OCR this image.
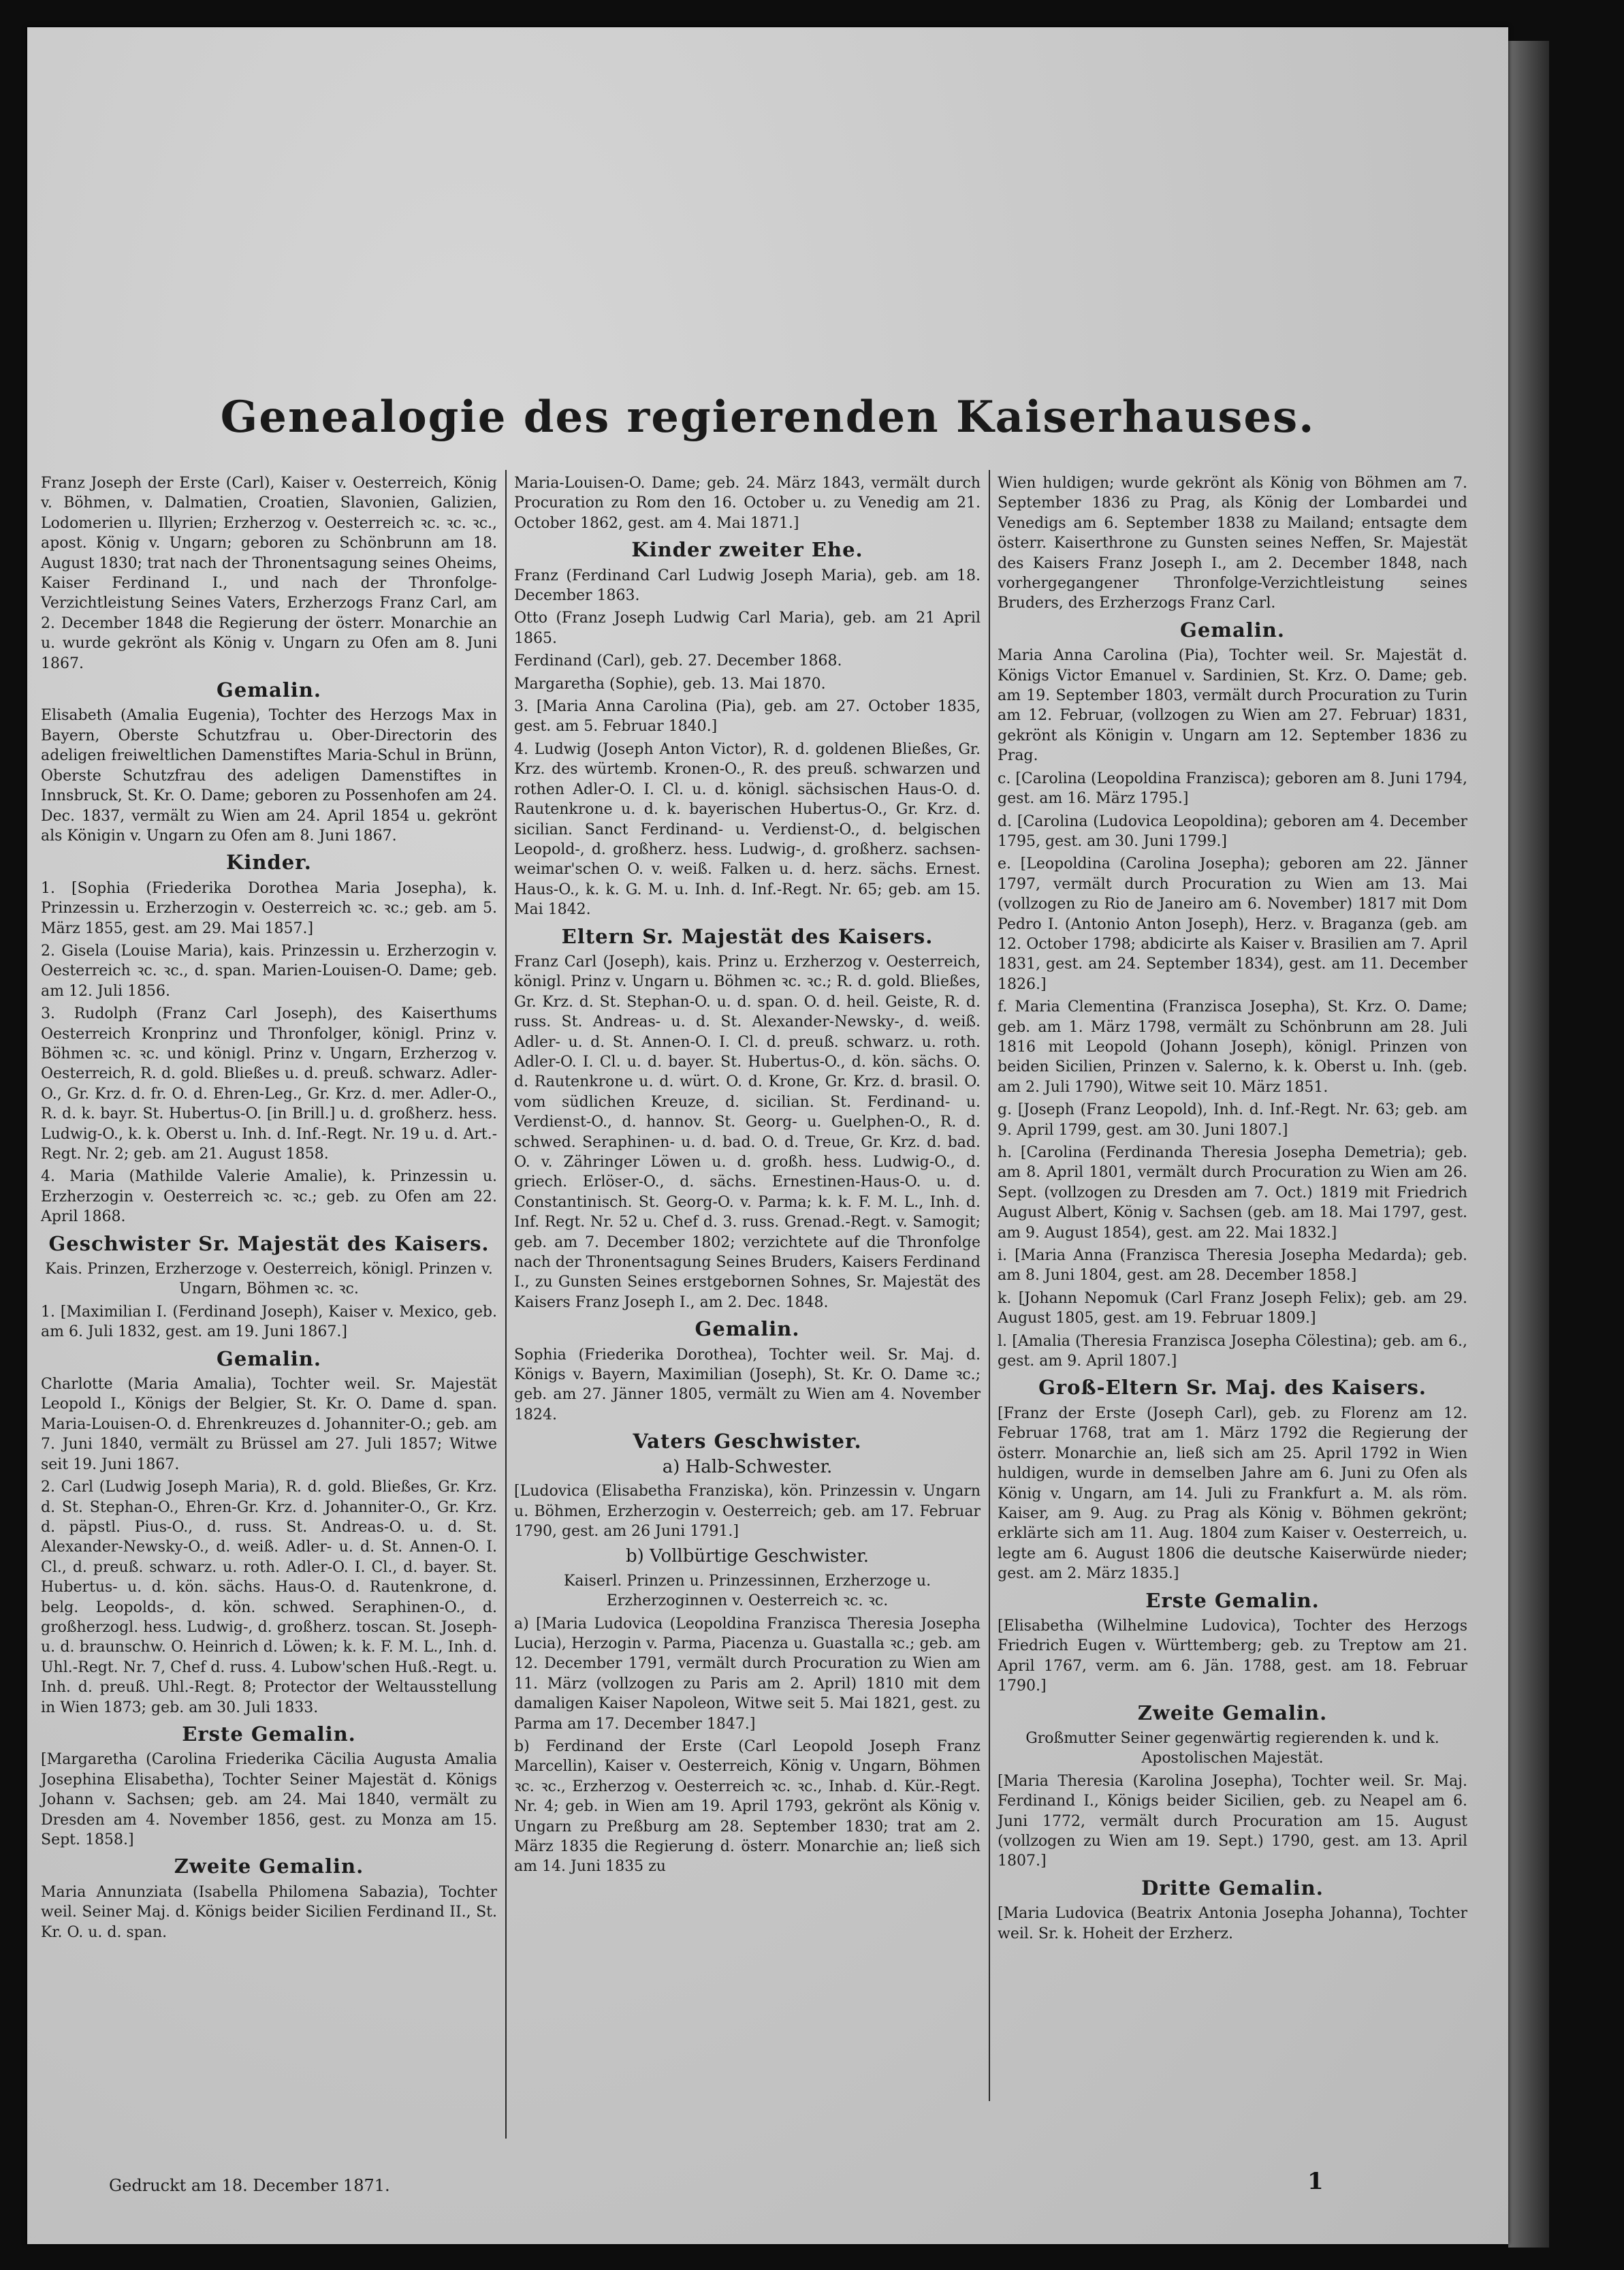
Genealogie des regierenden Kaiserhauses.

Franz Joseph der Erste (Carl), Kaiser v. Oesterreich, König v. Böhmen, v. Dalmatien, Croatien, Slavonien, Galizien, Lodomerien u. Illyrien; Erzherzog v. Oesterreich ꝛc. ꝛc. ꝛc., apost. König v. Ungarn; geboren zu Schönbrunn am 18. August 1830; trat nach der Thronentsagung seines Oheims, Kaiser Ferdinand I., und nach der Thronfolge-Verzichtleistung Seines Vaters, Erzherzogs Franz Carl, am 2. December 1848 die Regierung der österr. Monarchie an u. wurde gekrönt als König v. Ungarn zu Ofen am 8. Juni 1867.

Gemalin.

Elisabeth (Amalia Eugenia), Tochter des Herzogs Max in Bayern, Oberste Schutzfrau u. Ober-Directorin des adeligen freiweltlichen Damenstiftes Maria-Schul in Brünn, Oberste Schutzfrau des adeligen Damenstiftes in Innsbruck, St. Kr. O. Dame; geboren zu Possenhofen am 24. Dec. 1837, vermält zu Wien am 24. April 1854 u. gekrönt als Königin v. Ungarn zu Ofen am 8. Juni 1867.

Kinder.

1. [Sophia (Friederika Dorothea Maria Josepha), k. Prinzessin u. Erzherzogin v. Oesterreich ꝛc. ꝛc.; geb. am 5. März 1855, gest. am 29. Mai 1857.]

2. Gisela (Louise Maria), kais. Prinzessin u. Erzherzogin v. Oesterreich ꝛc. ꝛc., d. span. Marien-Louisen-O. Dame; geb. am 12. Juli 1856.

3. Rudolph (Franz Carl Joseph), des Kaiserthums Oesterreich Kronprinz und Thronfolger, königl. Prinz v. Böhmen ꝛc. ꝛc. und königl. Prinz v. Ungarn, Erzherzog v. Oesterreich, R. d. gold. Bließes u. d. preuß. schwarz. Adler-O., Gr. Krz. d. fr. O. d. Ehren-Leg., Gr. Krz. d. mer. Adler-O., R. d. k. bayr. St. Hubertus-O. [in Brill.] u. d. großherz. hess. Ludwig-O., k. k. Oberst u. Inh. d. Inf.-Regt. Nr. 19 u. d. Art.-Regt. Nr. 2; geb. am 21. August 1858.

4. Maria (Mathilde Valerie Amalie), k. Prinzessin u. Erzherzogin v. Oesterreich ꝛc. ꝛc.; geb. zu Ofen am 22. April 1868.

Geschwister Sr. Majestät des Kaisers.

Kais. Prinzen, Erzherzoge v. Oesterreich, königl. Prinzen v. Ungarn, Böhmen ꝛc. ꝛc.

1. [Maximilian I. (Ferdinand Joseph), Kaiser v. Mexico, geb. am 6. Juli 1832, gest. am 19. Juni 1867.]

Gemalin.

Charlotte (Maria Amalia), Tochter weil. Sr. Majestät Leopold I., Königs der Belgier, St. Kr. O. Dame d. span. Maria-Louisen-O. d. Ehrenkreuzes d. Johanniter-O.; geb. am 7. Juni 1840, vermält zu Brüssel am 27. Juli 1857; Witwe seit 19. Juni 1867.

2. Carl (Ludwig Joseph Maria), R. d. gold. Bließes, Gr. Krz. d. St. Stephan-O., Ehren-Gr. Krz. d. Johanniter-O., Gr. Krz. d. päpstl. Pius-O., d. russ. St. Andreas-O. u. d. St. Alexander-Newsky-O., d. weiß. Adler- u. d. St. Annen-O. I. Cl., d. preuß. schwarz. u. roth. Adler-O. I. Cl., d. bayer. St. Hubertus- u. d. kön. sächs. Haus-O. d. Rautenkrone, d. belg. Leopolds-, d. kön. schwed. Seraphinen-O., d. großherzogl. hess. Ludwig-, d. großherz. toscan. St. Joseph- u. d. braunschw. O. Heinrich d. Löwen; k. k. F. M. L., Inh. d. Uhl.-Regt. Nr. 7, Chef d. russ. 4. Lubow'schen Huß.-Regt. u. Inh. d. preuß. Uhl.-Regt. 8; Protector der Weltausstellung in Wien 1873; geb. am 30. Juli 1833.

Erste Gemalin.

[Margaretha (Carolina Friederika Cäcilia Augusta Amalia Josephina Elisabetha), Tochter Seiner Majestät d. Königs Johann v. Sachsen; geb. am 24. Mai 1840, vermält zu Dresden am 4. November 1856, gest. zu Monza am 15. Sept. 1858.]

Zweite Gemalin.

Maria Annunziata (Isabella Philomena Sabazia), Tochter weil. Seiner Maj. d. Königs beider Sicilien Ferdinand II., St. Kr. O. u. d. span.

Maria-Louisen-O. Dame; geb. 24. März 1843, vermält durch Procuration zu Rom den 16. October u. zu Venedig am 21. October 1862, gest. am 4. Mai 1871.]

Kinder zweiter Ehe.

Franz (Ferdinand Carl Ludwig Joseph Maria), geb. am 18. December 1863.

Otto (Franz Joseph Ludwig Carl Maria), geb. am 21 April 1865.

Ferdinand (Carl), geb. 27. December 1868.

Margaretha (Sophie), geb. 13. Mai 1870.

3. [Maria Anna Carolina (Pia), geb. am 27. October 1835, gest. am 5. Februar 1840.]

4. Ludwig (Joseph Anton Victor), R. d. goldenen Bließes, Gr. Krz. des würtemb. Kronen-O., R. des preuß. schwarzen und rothen Adler-O. I. Cl. u. d. königl. sächsischen Haus-O. d. Rautenkrone u. d. k. bayerischen Hubertus-O., Gr. Krz. d. sicilian. Sanct Ferdinand- u. Verdienst-O., d. belgischen Leopold-, d. großherz. hess. Ludwig-, d. großherz. sachsen-weimar'schen O. v. weiß. Falken u. d. herz. sächs. Ernest. Haus-O., k. k. G. M. u. Inh. d. Inf.-Regt. Nr. 65; geb. am 15. Mai 1842.

Eltern Sr. Majestät des Kaisers.

Franz Carl (Joseph), kais. Prinz u. Erzherzog v. Oesterreich, königl. Prinz v. Ungarn u. Böhmen ꝛc. ꝛc.; R. d. gold. Bließes, Gr. Krz. d. St. Stephan-O. u. d. span. O. d. heil. Geiste, R. d. russ. St. Andreas- u. d. St. Alexander-Newsky-, d. weiß. Adler- u. d. St. Annen-O. I. Cl. d. preuß. schwarz. u. roth. Adler-O. I. Cl. u. d. bayer. St. Hubertus-O., d. kön. sächs. O. d. Rautenkrone u. d. würt. O. d. Krone, Gr. Krz. d. brasil. O. vom südlichen Kreuze, d. sicilian. St. Ferdinand- u. Verdienst-O., d. hannov. St. Georg- u. Guelphen-O., R. d. schwed. Seraphinen- u. d. bad. O. d. Treue, Gr. Krz. d. bad. O. v. Zähringer Löwen u. d. großh. hess. Ludwig-O., d. griech. Erlöser-O., d. sächs. Ernestinen-Haus-O. u. d. Constantinisch. St. Georg-O. v. Parma; k. k. F. M. L., Inh. d. Inf. Regt. Nr. 52 u. Chef d. 3. russ. Grenad.-Regt. v. Samogit; geb. am 7. December 1802; verzichtete auf die Thronfolge nach der Thronentsagung Seines Bruders, Kaisers Ferdinand I., zu Gunsten Seines erstgebornen Sohnes, Sr. Majestät des Kaisers Franz Joseph I., am 2. Dec. 1848.

Gemalin.

Sophia (Friederika Dorothea), Tochter weil. Sr. Maj. d. Königs v. Bayern, Maximilian (Joseph), St. Kr. O. Dame ꝛc.; geb. am 27. Jänner 1805, vermält zu Wien am 4. November 1824.

Vaters Geschwister.
a) Halb-Schwester.

[Ludovica (Elisabetha Franziska), kön. Prinzessin v. Ungarn u. Böhmen, Erzherzogin v. Oesterreich; geb. am 17. Februar 1790, gest. am 26 Juni 1791.]

b) Vollbürtige Geschwister.

Kaiserl. Prinzen u. Prinzessinnen, Erzherzoge u. Erzherzoginnen v. Oesterreich ꝛc. ꝛc.

a) [Maria Ludovica (Leopoldina Franzisca Theresia Josepha Lucia), Herzogin v. Parma, Piacenza u. Guastalla ꝛc.; geb. am 12. December 1791, vermält durch Procuration zu Wien am 11. März (vollzogen zu Paris am 2. April) 1810 mit dem damaligen Kaiser Napoleon, Witwe seit 5. Mai 1821, gest. zu Parma am 17. December 1847.]

b) Ferdinand der Erste (Carl Leopold Joseph Franz Marcellin), Kaiser v. Oesterreich, König v. Ungarn, Böhmen ꝛc. ꝛc., Erzherzog v. Oesterreich ꝛc. ꝛc., Inhab. d. Kür.-Regt. Nr. 4; geb. in Wien am 19. April 1793, gekrönt als König v. Ungarn zu Preßburg am 28. September 1830; trat am 2. März 1835 die Regierung d. österr. Monarchie an; ließ sich am 14. Juni 1835 zu

Wien huldigen; wurde gekrönt als König von Böhmen am 7. September 1836 zu Prag, als König der Lombardei und Venedigs am 6. September 1838 zu Mailand; entsagte dem österr. Kaiserthrone zu Gunsten seines Neffen, Sr. Majestät des Kaisers Franz Joseph I., am 2. December 1848, nach vorhergegangener Thronfolge-Verzichtleistung seines Bruders, des Erzherzogs Franz Carl.

Gemalin.

Maria Anna Carolina (Pia), Tochter weil. Sr. Majestät d. Königs Victor Emanuel v. Sardinien, St. Krz. O. Dame; geb. am 19. September 1803, vermält durch Procuration zu Turin am 12. Februar, (vollzogen zu Wien am 27. Februar) 1831, gekrönt als Königin v. Ungarn am 12. September 1836 zu Prag.

c. [Carolina (Leopoldina Franzisca); geboren am 8. Juni 1794, gest. am 16. März 1795.]

d. [Carolina (Ludovica Leopoldina); geboren am 4. December 1795, gest. am 30. Juni 1799.]

e. [Leopoldina (Carolina Josepha); geboren am 22. Jänner 1797, vermält durch Procuration zu Wien am 13. Mai (vollzogen zu Rio de Janeiro am 6. November) 1817 mit Dom Pedro I. (Antonio Anton Joseph), Herz. v. Braganza (geb. am 12. October 1798; abdicirte als Kaiser v. Brasilien am 7. April 1831, gest. am 24. September 1834), gest. am 11. December 1826.]

f. Maria Clementina (Franzisca Josepha), St. Krz. O. Dame; geb. am 1. März 1798, vermält zu Schönbrunn am 28. Juli 1816 mit Leopold (Johann Joseph), königl. Prinzen von beiden Sicilien, Prinzen v. Salerno, k. k. Oberst u. Inh. (geb. am 2. Juli 1790), Witwe seit 10. März 1851.

g. [Joseph (Franz Leopold), Inh. d. Inf.-Regt. Nr. 63; geb. am 9. April 1799, gest. am 30. Juni 1807.]

h. [Carolina (Ferdinanda Theresia Josepha Demetria); geb. am 8. April 1801, vermält durch Procuration zu Wien am 26. Sept. (vollzogen zu Dresden am 7. Oct.) 1819 mit Friedrich August Albert, König v. Sachsen (geb. am 18. Mai 1797, gest. am 9. August 1854), gest. am 22. Mai 1832.]

i. [Maria Anna (Franzisca Theresia Josepha Medarda); geb. am 8. Juni 1804, gest. am 28. December 1858.]

k. [Johann Nepomuk (Carl Franz Joseph Felix); geb. am 29. August 1805, gest. am 19. Februar 1809.]

l. [Amalia (Theresia Franzisca Josepha Cölestina); geb. am 6., gest. am 9. April 1807.]

Groß-Eltern Sr. Maj. des Kaisers.

[Franz der Erste (Joseph Carl), geb. zu Florenz am 12. Februar 1768, trat am 1. März 1792 die Regierung der österr. Monarchie an, ließ sich am 25. April 1792 in Wien huldigen, wurde in demselben Jahre am 6. Juni zu Ofen als König v. Ungarn, am 14. Juli zu Frankfurt a. M. als röm. Kaiser, am 9. Aug. zu Prag als König v. Böhmen gekrönt; erklärte sich am 11. Aug. 1804 zum Kaiser v. Oesterreich, u. legte am 6. August 1806 die deutsche Kaiserwürde nieder; gest. am 2. März 1835.]

Erste Gemalin.

[Elisabetha (Wilhelmine Ludovica), Tochter des Herzogs Friedrich Eugen v. Württemberg; geb. zu Treptow am 21. April 1767, verm. am 6. Jän. 1788, gest. am 18. Februar 1790.]

Zweite Gemalin.

Großmutter Seiner gegenwärtig regierenden k. und k. Apostolischen Majestät.

[Maria Theresia (Karolina Josepha), Tochter weil. Sr. Maj. Ferdinand I., Königs beider Sicilien, geb. zu Neapel am 6. Juni 1772, vermält durch Procuration am 15. August (vollzogen zu Wien am 19. Sept.) 1790, gest. am 13. April 1807.]

Dritte Gemalin.

[Maria Ludovica (Beatrix Antonia Josepha Johanna), Tochter weil. Sr. k. Hoheit der Erzherz.

Gedruckt am 18. December 1871.	1
